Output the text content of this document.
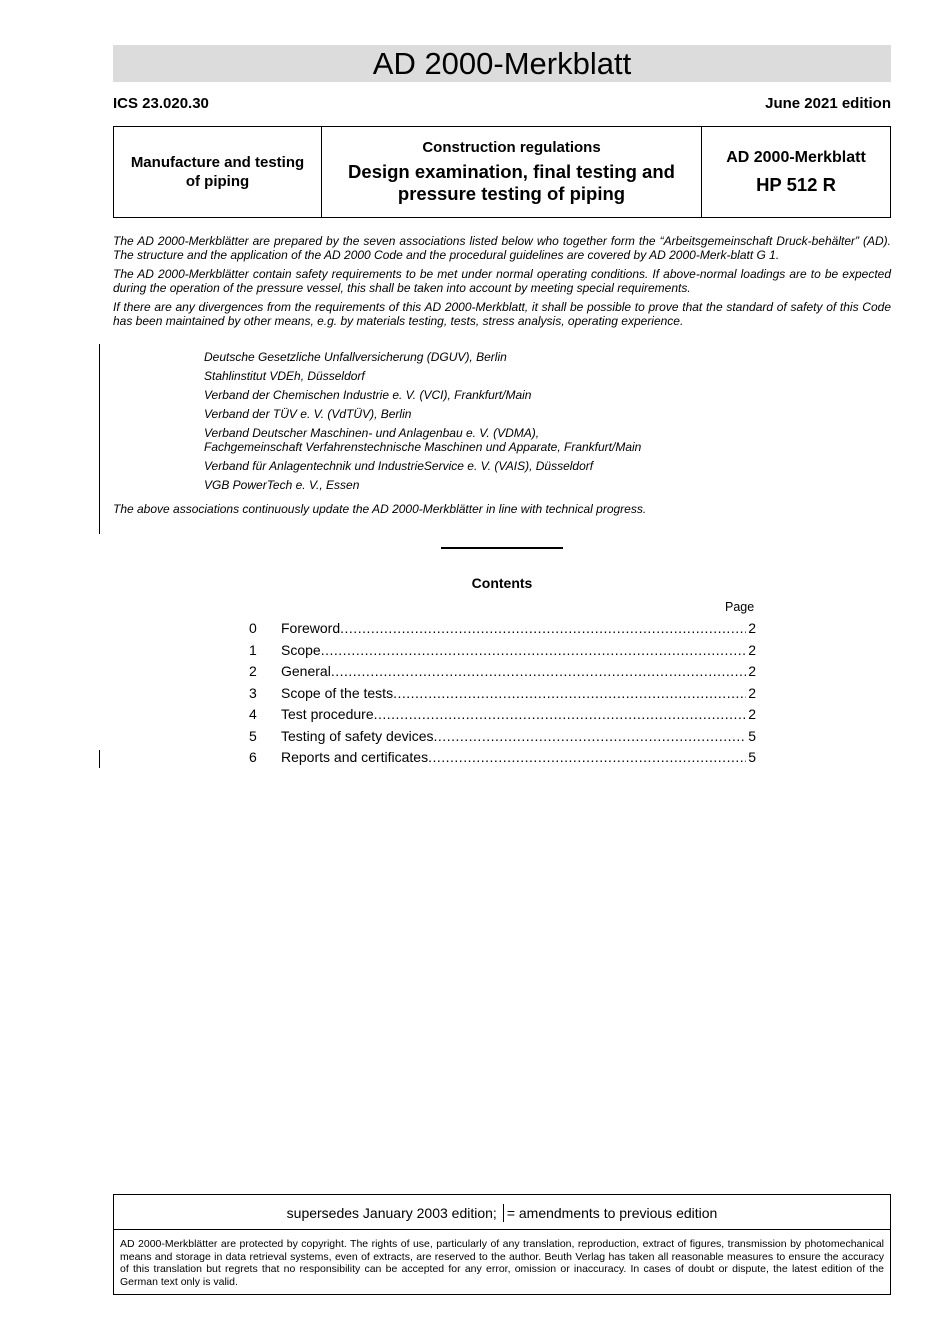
AD 2000-Merkblatt
ICS 23.020.30	June 2021 edition
Manufacture and testing of piping
Construction regulations
Design examination, final testing and pressure testing of piping
AD 2000-Merkblatt
HP 512 R

The AD 2000-Merkblätter are prepared by the seven associations listed below who together form the “Arbeitsgemeinschaft Druck-behälter” (AD). The structure and the application of the AD 2000 Code and the procedural guidelines are covered by AD 2000-Merk-blatt G 1.

The AD 2000-Merkblätter contain safety requirements to be met under normal operating conditions. If above-normal loadings are to be expected during the operation of the pressure vessel, this shall be taken into account by meeting special requirements.

If there are any divergences from the requirements of this AD 2000-Merkblatt, it shall be possible to prove that the standard of safety of this Code has been maintained by other means, e.g. by materials testing, tests, stress analysis, operating experience.

Deutsche Gesetzliche Unfallversicherung (DGUV), Berlin
Stahlinstitut VDEh, Düsseldorf
Verband der Chemischen Industrie e. V. (VCI), Frankfurt/Main
Verband der TÜV e. V. (VdTÜV), Berlin
Verband Deutscher Maschinen- und Anlagenbau e. V. (VDMA),
Fachgemeinschaft Verfahrenstechnische Maschinen und Apparate, Frankfurt/Main
Verband für Anlagentechnik und IndustrieService e. V. (VAIS), Düsseldorf
VGB PowerTech e. V., Essen
The above associations continuously update the AD 2000-Merkblätter in line with technical progress.
Contents
Page
0	Foreword .....	2
1	Scope .....	2
2	General .....	2
3	Scope of the tests .....	2
4	Test procedure .....	2
5	Testing of safety devices .....	5
6	Reports and certificates .....	5
supersedes January 2003 edition; = amendments to previous edition
AD 2000-Merkblätter are protected by copyright. The rights of use, particularly of any translation, reproduction, extract of figures, transmission by photomechanical means and storage in data retrieval systems, even of extracts, are reserved to the author. Beuth Verlag has taken all reasonable measures to ensure the accuracy of this translation but regrets that no responsibility can be accepted for any error, omission or inaccuracy. In cases of doubt or dispute, the latest edition of the German text only is valid.
